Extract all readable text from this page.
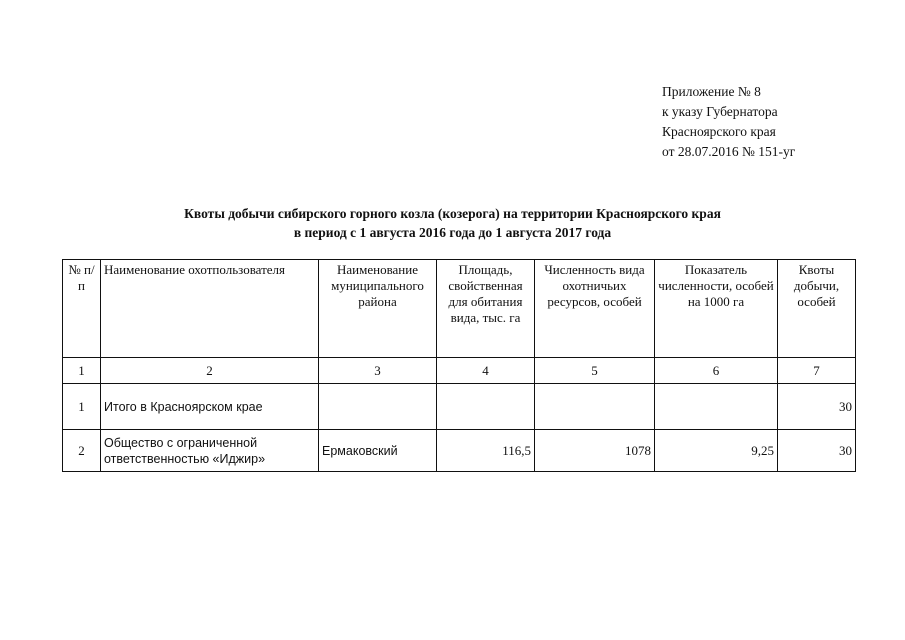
Приложение № 8
к указу Губернатора
Красноярского края
от 28.07.2016 № 151-уг
Квоты добычи сибирского горного козла (козерога) на территории Красноярского края
в период с 1 августа 2016 года до 1 августа 2017 года
№ п/п	Наименование охотпользователя	Наименование муниципального района	Площадь, свойственная для обитания вида, тыс. га	Численность вида охотничьих ресурсов, особей	Показатель численности, особей на 1000 га	Квоты добычи, особей
1	2	3	4	5	6	7
1	Итого в Красноярском крае					30
2	Общество с ограниченной ответственностью «Иджир»	Ермаковский	116,5	1078	9,25	30
